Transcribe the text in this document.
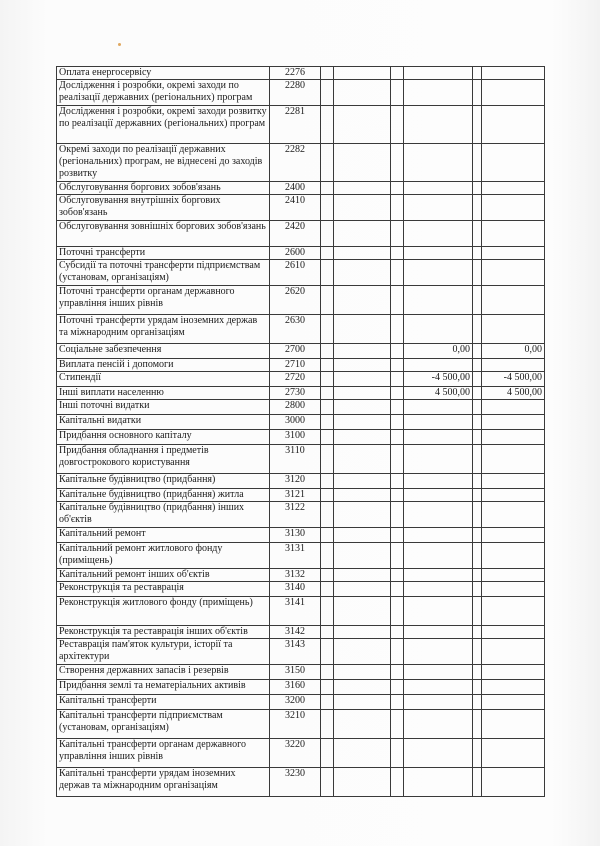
Оплата енергосервісу	2276						
Дослідження і розробки, окремі заходи по реалізації державних (регіональних) програм	2280						
Дослідження і розробки, окремі заходи розвитку по реалізації державних (регіональних) програм	2281						
Окремі заходи по реалізації державних (регіональних) програм, не віднесені до заходів розвитку	2282						
Обслуговування боргових зобов'язань	2400						
Обслуговування внутрішніх боргових зобов'язань	2410						
Обслуговування зовнішніх боргових зобов'язань	2420						
Поточні трансферти	2600						
Субсидії та поточні трансферти підприємствам (установам, організаціям)	2610						
Поточні трансферти органам державного управління інших рівнів	2620						
Поточні трансферти урядам іноземних держав та міжнародним організаціям	2630						
Соціальне забезпечення	2700				0,00		0,00
Виплата пенсій і допомоги	2710						
Стипендії	2720				-4 500,00		-4 500,00
Інші виплати населенню	2730				4 500,00		4 500,00
Інші поточні видатки	2800						
Капітальні видатки	3000						
Придбання основного капіталу	3100						
Придбання обладнання і предметів довгострокового користування	3110						
Капітальне будівництво (придбання)	3120						
Капітальне будівництво (придбання) житла	3121						
Капітальне будівництво (придбання) інших об'єктів	3122						
Капітальний ремонт	3130						
Капітальний ремонт житлового фонду (приміщень)	3131						
Капітальний ремонт інших об'єктів	3132						
Реконструкція та реставрація	3140						
Реконструкція житлового фонду (приміщень)	3141						
Реконструкція та реставрація інших об'єктів	3142						
Реставрація пам'яток культури, історії та архітектури	3143						
Створення державних запасів і резервів	3150						
Придбання землі та нематеріальних активів	3160						
Капітальні трансферти	3200						
Капітальні трансферти підприємствам (установам, організаціям)	3210						
Капітальні трансферти органам державного управління інших рівнів	3220						
Капітальні трансферти урядам іноземних держав та міжнародним організаціям	3230						
